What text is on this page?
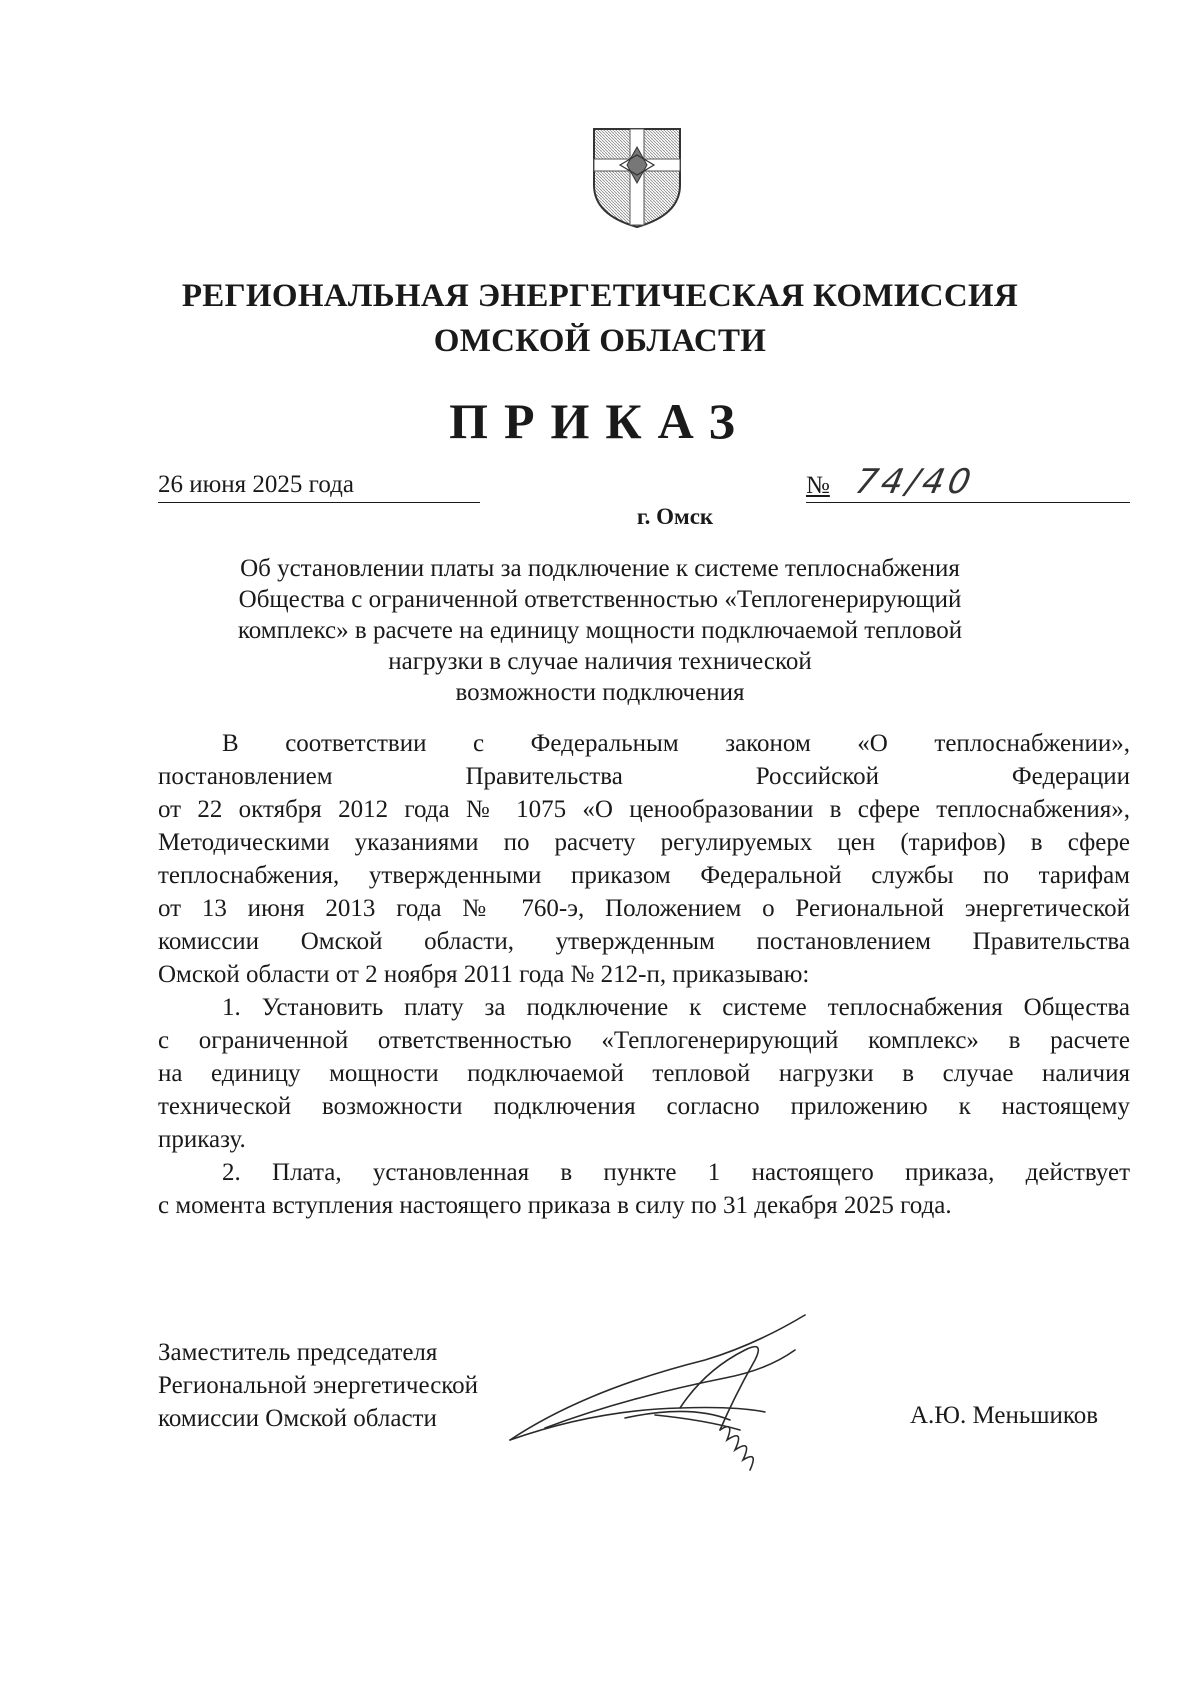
РЕГИОНАЛЬНАЯ ЭНЕРГЕТИЧЕСКАЯ КОМИССИЯ
ОМСКОЙ ОБЛАСТИ
ПРИКАЗ
26 июня 2025 года	№ 74/40
г. Омск
Об установлении платы за подключение к системе теплоснабжения
Общества с ограниченной ответственностью «Теплогенерирующий
комплекс» в расчете на единицу мощности подключаемой тепловой
нагрузки в случае наличия технической
возможности подключения
В соответствии с Федеральным законом «О теплоснабжении»,
постановлением Правительства Российской Федерации
от 22 октября 2012 года № 1075 «О ценообразовании в сфере теплоснабжения»,
Методическими указаниями по расчету регулируемых цен (тарифов) в сфере
теплоснабжения, утвержденными приказом Федеральной службы по тарифам
от 13 июня 2013 года № 760-э, Положением о Региональной энергетической
комиссии Омской области, утвержденным постановлением Правительства
Омской области от 2 ноября 2011 года № 212-п, приказываю:
1. Установить плату за подключение к системе теплоснабжения Общества
с ограниченной ответственностью «Теплогенерирующий комплекс» в расчете
на единицу мощности подключаемой тепловой нагрузки в случае наличия
технической возможности подключения согласно приложению к настоящему
приказу.
2. Плата, установленная в пункте 1 настоящего приказа, действует
с момента вступления настоящего приказа в силу по 31 декабря 2025 года.
Заместитель председателя
Региональной энергетической
комиссии Омской области	А.Ю. Меньшиков
